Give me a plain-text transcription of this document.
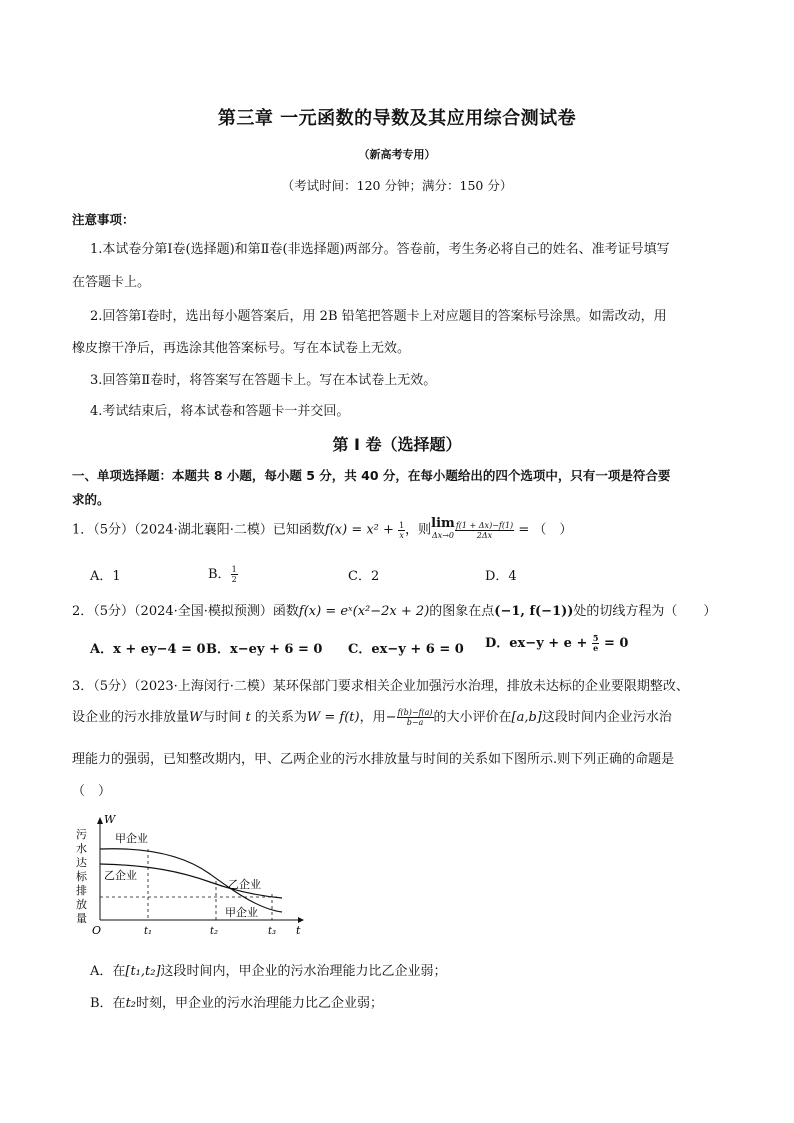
第三章 一元函数的导数及其应用综合测试卷
（新高考专用）
（考试时间：120 分钟；满分：150 分）
注意事项：
1.本试卷分第Ⅰ卷(选择题)和第Ⅱ卷(非选择题)两部分。答卷前，考生务必将自己的姓名、准考证号填写
在答题卡上。
2.回答第Ⅰ卷时，选出每小题答案后，用 2B 铅笔把答题卡上对应题目的答案标号涂黑。如需改动，用
橡皮擦干净后，再选涂其他答案标号。写在本试卷上无效。
3.回答第Ⅱ卷时，将答案写在答题卡上。写在本试卷上无效。
4.考试结束后，将本试卷和答题卡一并交回。
第 I 卷（选择题）
一、单项选择题：本题共 8 小题，每小题 5 分，共 40 分，在每小题给出的四个选项中，只有一项是符合要
求的。
1．（5分）（2024·湖北襄阳·二模）已知函数$f(x) = x^2 + \frac{1}{x}$ ，则 lim
$\Delta x\to 0 \frac{f(1 + \Delta x)-f(1)}{2\Delta x}$ = （　）
A．1	B． $\frac{1}{2}$	C．2	D．4
2．（5分）（2024·全国·模拟预测）函数f(x) = eˣ(x²−2x + 2)的图象在点(−1, f(−1))处的切线方程为（　　）
A．x + ey−4 = 0 B．x−ey + 6 = 0 C．ex−y + 6 = 0 D．$ex-y + e + \frac{5}{e} = 0$
3．（5分）（2023·上海闵行·二模）某环保部门要求相关企业加强污水治理，排放未达标的企业要限期整改、
设企业的污水排放量W与时间 t 的关系为W = f(t)，用− $\frac{f(b)-f(a)}{b-a}$ 的大小评价在[a,b]这段时间内企业污水治
理能力的强弱，已知整改期内，甲、乙两企业的污水排放量与时间的关系如下图所示.则下列正确的命题是
（　）
W
t
O	t₁	t₂	t₃
甲企业
乙企业
乙企业
甲企业
污
水
达
标
排
放
量
A．在[t₁,t₂]这段时间内，甲企业的污水治理能力比乙企业弱；
B．在t₂时刻，甲企业的污水治理能力比乙企业弱；
